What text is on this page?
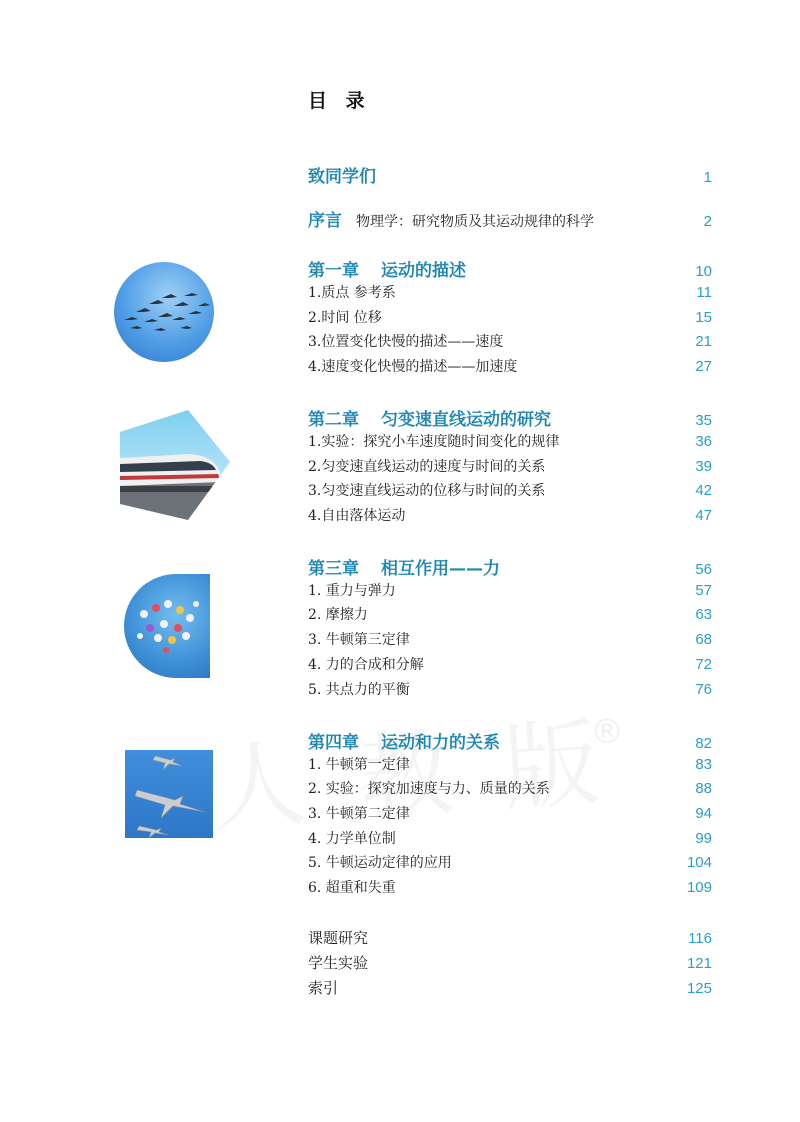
®
目 录
致同学们	1
序言 物理学：研究物质及其运动规律的科学	2
第一章 运动的描述	10
1.质点 参考系	11
2.时间 位移	15
3.位置变化快慢的描述——速度	21
4.速度变化快慢的描述——加速度	27
第二章 匀变速直线运动的研究	35
1.实验：探究小车速度随时间变化的规律	36
2.匀变速直线运动的速度与时间的关系	39
3.匀变速直线运动的位移与时间的关系	42
4.自由落体运动	47
第三章 相互作用——力	56
1. 重力与弹力	57
2. 摩擦力	63
3. 牛顿第三定律	68
4. 力的合成和分解	72
5. 共点力的平衡	76
第四章 运动和力的关系	82
1. 牛顿第一定律	83
2. 实验：探究加速度与力、质量的关系	88
3. 牛顿第二定律	94
4. 力学单位制	99
5. 牛顿运动定律的应用	104
6. 超重和失重	109
课题研究	116
学生实验	121
索引	125
